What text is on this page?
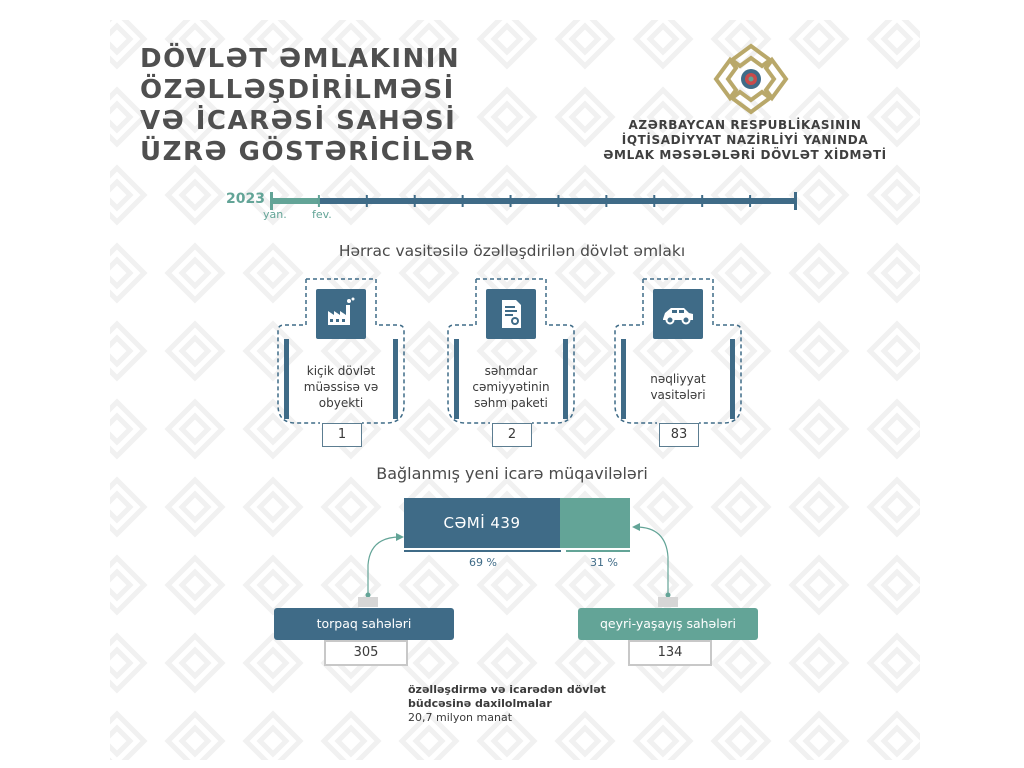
DÖVLƏT ƏMLAKININ
ÖZƏLLƏŞDİRİLMƏSİ
VƏ İCARƏSİ SAHƏSİ
ÜZRƏ GÖSTƏRİCİLƏR
AZƏRBAYCAN RESPUBLİKASININ
İQTİSADİYYAT NAZİRLİYİ YANINDA
ƏMLAK MƏSƏLƏLƏRİ DÖVLƏT XİDMƏTİ
2023
yan. fev.
Hərrac vasitəsilə özəlləşdirilən dövlət əmlakı
kiçik dövlət
müəssisə və
obyekti
1
səhmdar
cəmiyyətinin
səhm paketi
2
nəqliyyat
vasitələri
83
Bağlanmış yeni icarə müqavilələri
CƏMİ 439
69 %	31 %
torpaq sahələri
305
qeyri-yaşayış sahələri
134
özəlləşdirmə və icarədən dövlət
büdcəsinə daxilolmalar
20,7 milyon manat
